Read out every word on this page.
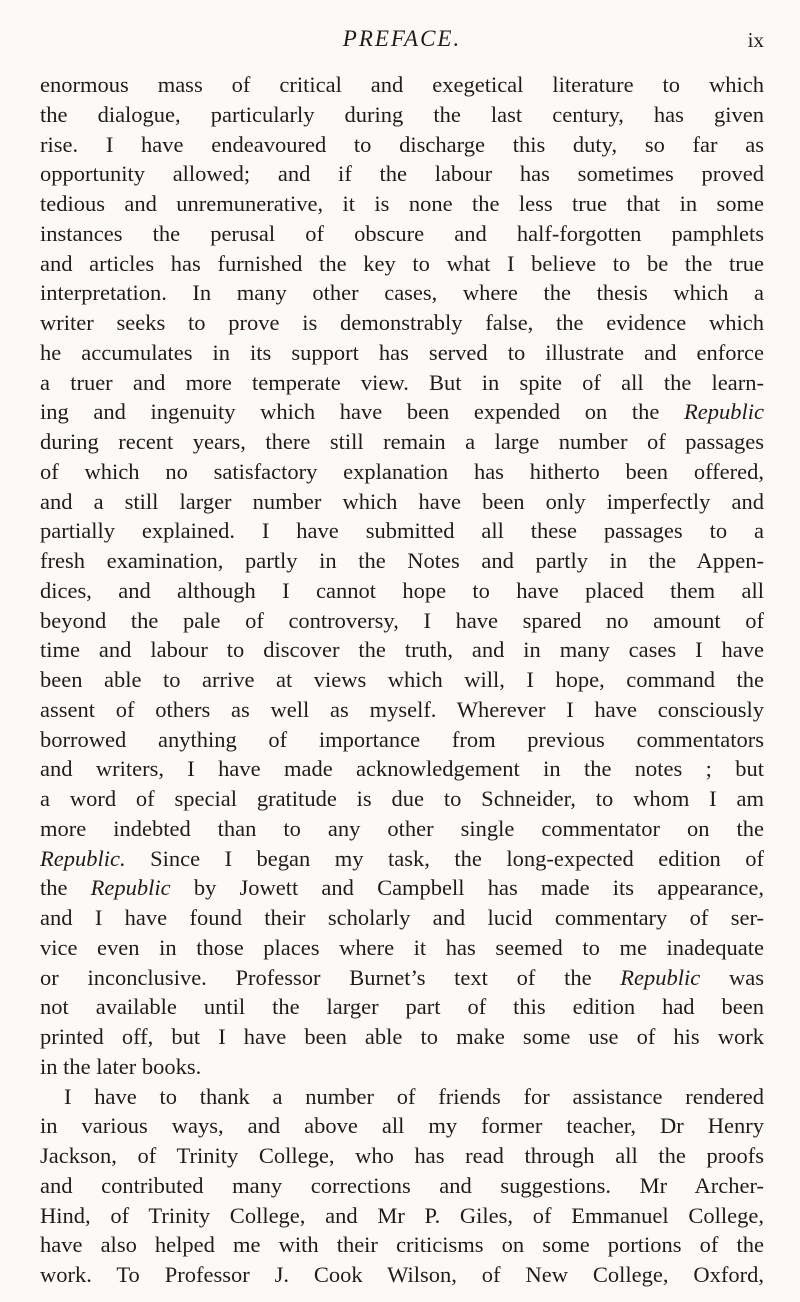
PREFACE.	ix
enormous mass of critical and exegetical literature to which
the dialogue, particularly during the last century, has given
rise. I have endeavoured to discharge this duty, so far as
opportunity allowed; and if the labour has sometimes proved
tedious and unremunerative, it is none the less true that in some
instances the perusal of obscure and half-forgotten pamphlets
and articles has furnished the key to what I believe to be the true
interpretation. In many other cases, where the thesis which a
writer seeks to prove is demonstrably false, the evidence which
he accumulates in its support has served to illustrate and enforce
a truer and more temperate view. But in spite of all the learn-
ing and ingenuity which have been expended on the Republic
during recent years, there still remain a large number of passages
of which no satisfactory explanation has hitherto been offered,
and a still larger number which have been only imperfectly and
partially explained. I have submitted all these passages to a
fresh examination, partly in the Notes and partly in the Appen-
dices, and although I cannot hope to have placed them all
beyond the pale of controversy, I have spared no amount of
time and labour to discover the truth, and in many cases I have
been able to arrive at views which will, I hope, command the
assent of others as well as myself. Wherever I have consciously
borrowed anything of importance from previous commentators
and writers, I have made acknowledgement in the notes ; but
a word of special gratitude is due to Schneider, to whom I am
more indebted than to any other single commentator on the
Republic. Since I began my task, the long-expected edition of
the Republic by Jowett and Campbell has made its appearance,
and I have found their scholarly and lucid commentary of ser-
vice even in those places where it has seemed to me inadequate
or inconclusive. Professor Burnet’s text of the Republic was
not available until the larger part of this edition had been
printed off, but I have been able to make some use of his work
in the later books.
I have to thank a number of friends for assistance rendered
in various ways, and above all my former teacher, Dr Henry
Jackson, of Trinity College, who has read through all the proofs
and contributed many corrections and suggestions. Mr Archer-
Hind, of Trinity College, and Mr P. Giles, of Emmanuel College,
have also helped me with their criticisms on some portions of the
work. To Professor J. Cook Wilson, of New College, Oxford,
